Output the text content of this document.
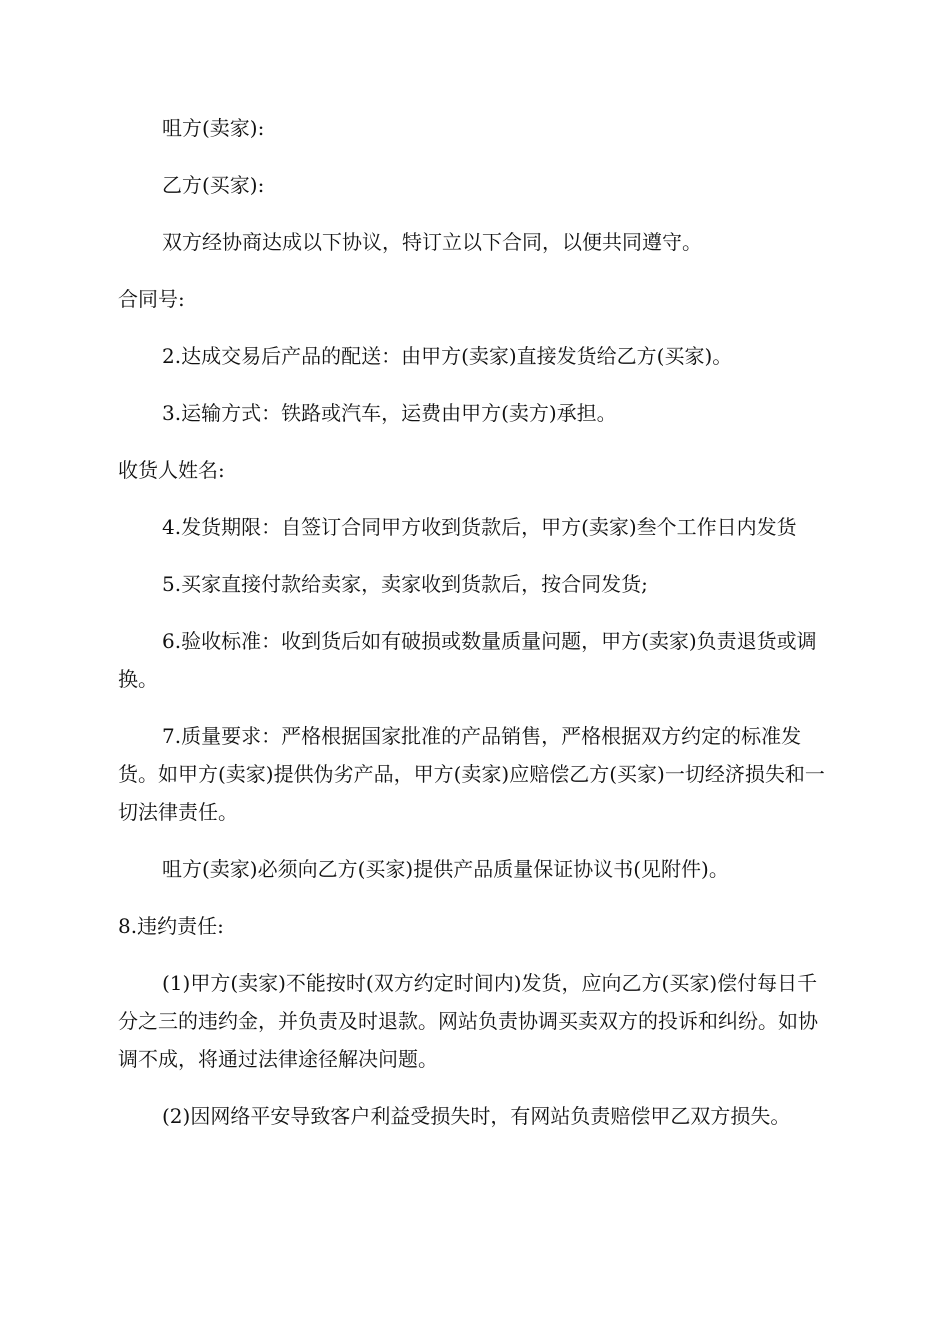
咀方(卖家):

乙方(买家):

双方经协商达成以下协议，特订立以下合同，以便共同遵守。

合同号:

2.达成交易后产品的配送：由甲方(卖家)直接发货给乙方(买家)。

3.运输方式：铁路或汽车，运费由甲方(卖方)承担。

收货人姓名:

4.发货期限：自签订合同甲方收到货款后，甲方(卖家)叁个工作日内发货

5.买家直接付款给卖家，卖家收到货款后，按合同发货;

6.验收标准：收到货后如有破损或数量质量问题，甲方(卖家)负责退货或调换。

7.质量要求：严格根据国家批准的产品销售，严格根据双方约定的标准发货。如甲方(卖家)提供伪劣产品，甲方(卖家)应赔偿乙方(买家)一切经济损失和一切法律责任。

咀方(卖家)必须向乙方(买家)提供产品质量保证协议书(见附件)。

8.违约责任:

(1)甲方(卖家)不能按时(双方约定时间内)发货，应向乙方(买家)偿付每日千分之三的违约金，并负责及时退款。网站负责协调买卖双方的投诉和纠纷。如协调不成，将通过法律途径解决问题。

(2)因网络平安导致客户利益受损失时，有网站负责赔偿甲乙双方损失。
